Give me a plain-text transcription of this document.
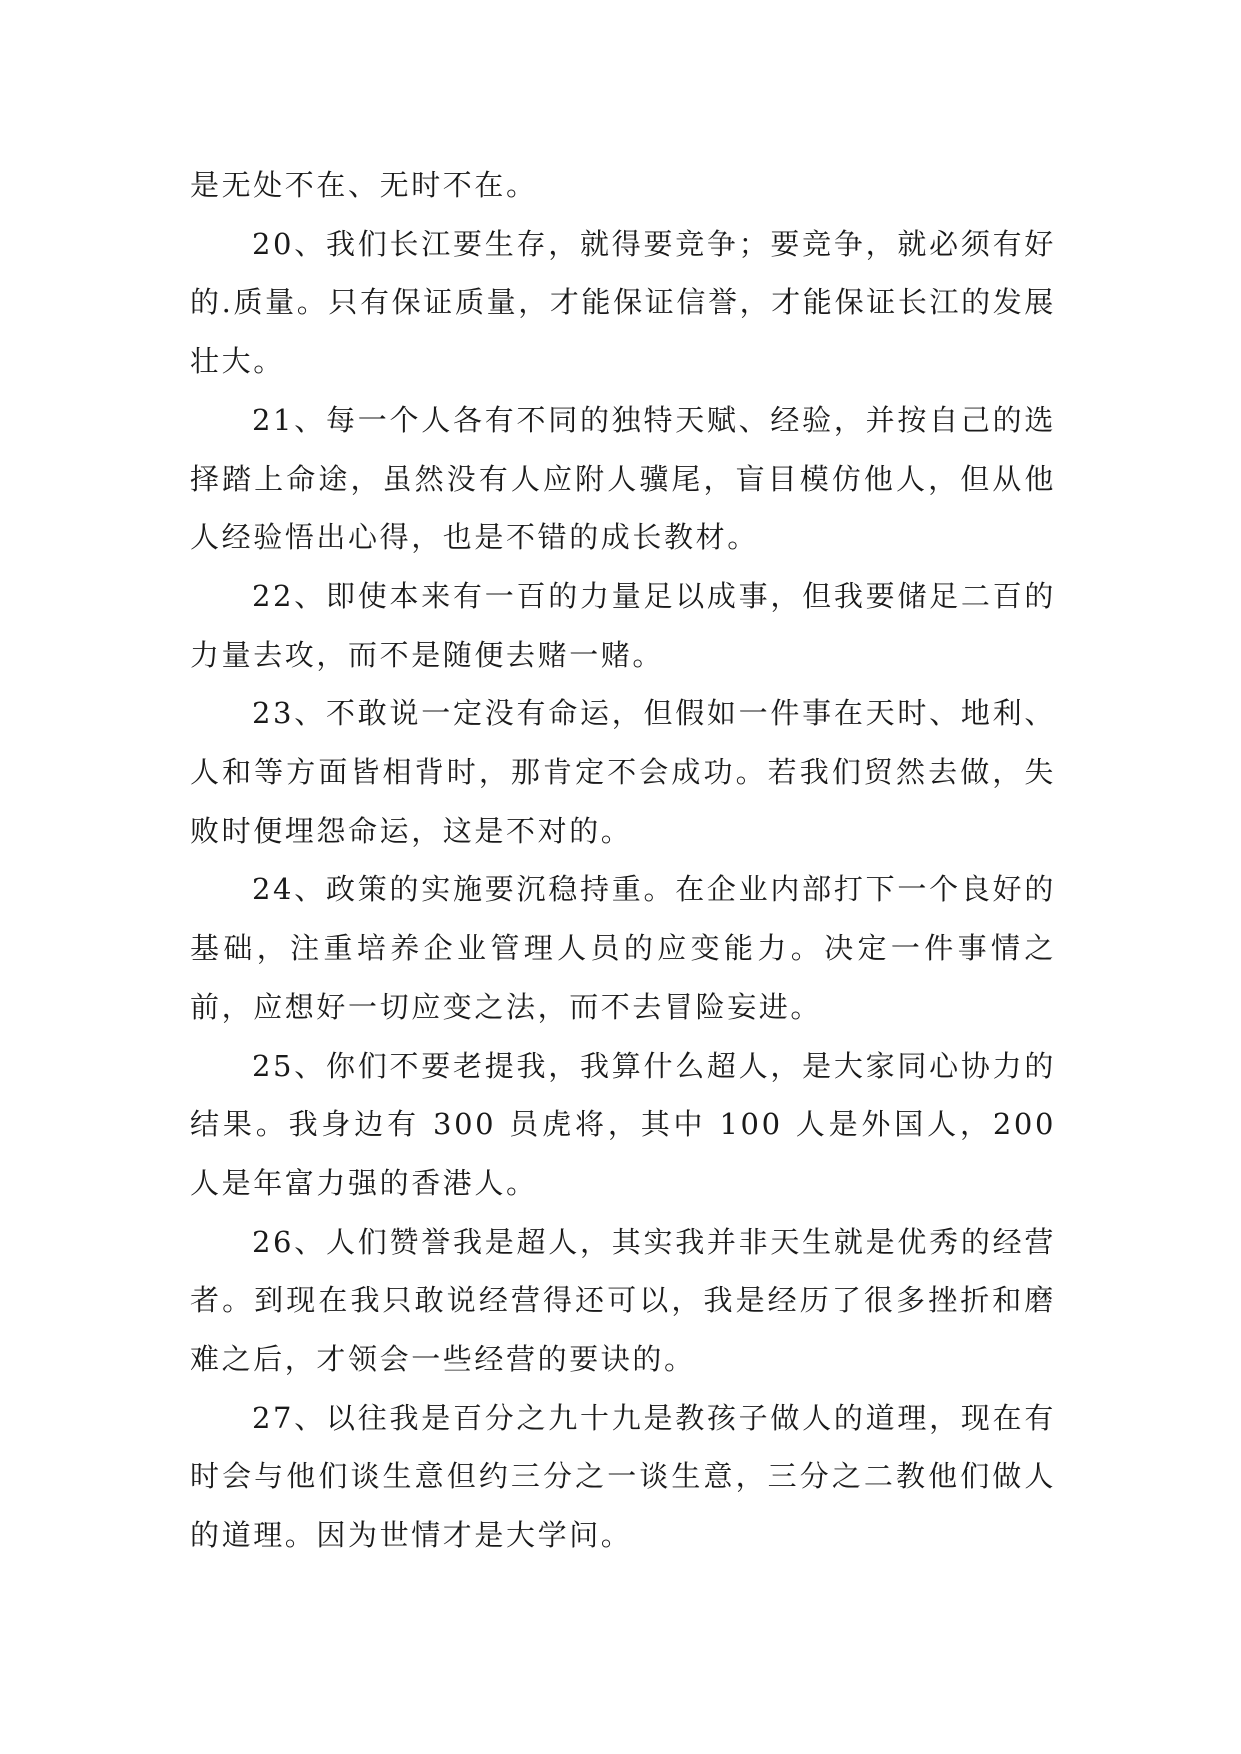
是无处不在、无时不在。

20、我们长江要生存，就得要竞争；要竞争，就必须有好的.质量。只有保证质量，才能保证信誉，才能保证长江的发展壮大。

21、每一个人各有不同的独特天赋、经验，并按自己的选择踏上命途，虽然没有人应附人骥尾，盲目模仿他人，但从他人经验悟出心得，也是不错的成长教材。

22、即使本来有一百的力量足以成事，但我要储足二百的力量去攻，而不是随便去赌一赌。

23、不敢说一定没有命运，但假如一件事在天时、地利、人和等方面皆相背时，那肯定不会成功。若我们贸然去做，失败时便埋怨命运，这是不对的。

24、政策的实施要沉稳持重。在企业内部打下一个良好的基础，注重培养企业管理人员的应变能力。决定一件事情之前，应想好一切应变之法，而不去冒险妄进。

25、你们不要老提我，我算什么超人，是大家同心协力的结果。我身边有 300 员虎将，其中 100 人是外国人，200 人是年富力强的香港人。

26、人们赞誉我是超人，其实我并非天生就是优秀的经营者。到现在我只敢说经营得还可以，我是经历了很多挫折和磨难之后，才领会一些经营的要诀的。

27、以往我是百分之九十九是教孩子做人的道理，现在有时会与他们谈生意但约三分之一谈生意，三分之二教他们做人的道理。因为世情才是大学问。
